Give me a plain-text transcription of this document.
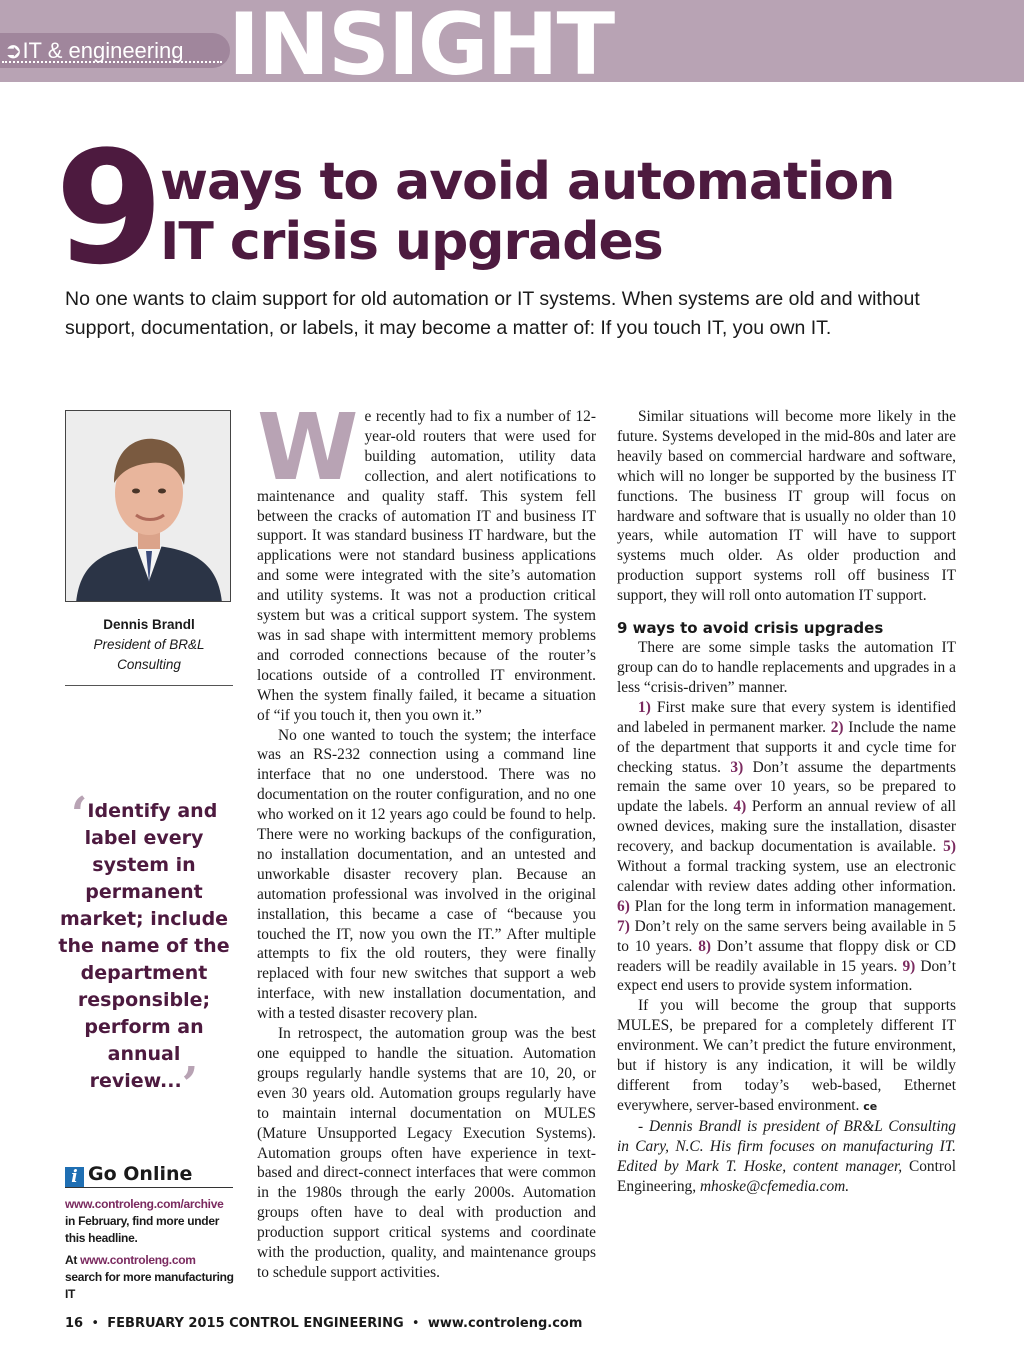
➲IT & engineering INSIGHT
9 ways to avoid automation
IT crisis upgrades
No one wants to claim support for old automation or IT systems. When systems are old and without support, documentation, or labels, it may become a matter of: If you touch IT, you own IT.
Dennis Brandl
President of BR&L
Consulting
‘Identify and label every system in permanent market; include the name of the department responsible; perform an annual review...’
i Go Online

www.controleng.com/archive
in February, find more under this headline.

At www.controleng.com
search for more manufacturing IT

We recently had to fix a number of 12-year-old routers that were used for building automation, utility data collection, and alert notifications to maintenance and quality staff. This system fell between the cracks of automation IT and business IT support. It was standard business IT hardware, but the applications were not standard business applications and some were integrated with the site’s automation and utility systems. It was not a production critical system but was a critical support system. The system was in sad shape with intermittent memory problems and corroded connections because of the router’s locations outside of a controlled IT environment. When the system finally failed, it became a situation of “if you touch it, then you own it.”

No one wanted to touch the system; the interface was an RS-232 connection using a command line interface that no one understood. There was no documentation on the router configuration, and no one who worked on it 12 years ago could be found to help. There were no working backups of the configuration, no installation documentation, and an untested and unworkable disaster recovery plan. Because an automation professional was involved in the original installation, this became a case of “because you touched the IT, now you own the IT.” After multiple attempts to fix the old routers, they were finally replaced with four new switches that support a web interface, with new installation documentation, and with a tested disaster recovery plan.

In retrospect, the automation group was the best one equipped to handle the situation. Automation groups regularly handle systems that are 10, 20, or even 30 years old. Automation groups regularly have to maintain internal documentation on MULES (Mature Unsupported Legacy Execution Systems). Automation groups often have experience in text-based and direct-connect interfaces that were common in the 1980s through the early 2000s. Automation groups often have to deal with production and production support critical systems and coordinate with the production, quality, and maintenance groups to schedule support activities.

Similar situations will become more likely in the future. Systems developed in the mid-80s and later are heavily based on commercial hardware and software, which will no longer be supported by the business IT functions. The business IT group will focus on hardware and software that is usually no older than 10 years, while automation IT will have to support systems much older. As older production and production support systems roll off business IT support, they will roll onto automation IT support.

9 ways to avoid crisis upgrades

There are some simple tasks the automation IT group can do to handle replacements and upgrades in a less “crisis-driven” manner.

1) First make sure that every system is identified and labeled in permanent marker. 2) Include the name of the department that supports it and cycle time for checking status. 3) Don’t assume the departments remain the same over 10 years, so be prepared to update the labels. 4) Perform an annual review of all owned devices, making sure the installation, disaster recovery, and backup documentation is available. 5) Without a formal tracking system, use an electronic calendar with review dates adding other information. 6) Plan for the long term in information management. 7) Don’t rely on the same servers being available in 5 to 10 years. 8) Don’t assume that floppy disk or CD readers will be readily available in 15 years. 9) Don’t expect end users to provide system information.

If you will become the group that supports MULES, be prepared for a completely different IT environment. We can’t predict the future environment, but if history is any indication, it will be wildly different from today’s web-based, Ethernet everywhere, server-based environment. ce

- Dennis Brandl is president of BR&L Consulting in Cary, N.C. His firm focuses on manufacturing IT. Edited by Mark T. Hoske, content manager, Control Engineering, mhoske@cfemedia.com.

16 • FEBRUARY 2015 CONTROL ENGINEERING • www.controleng.com
